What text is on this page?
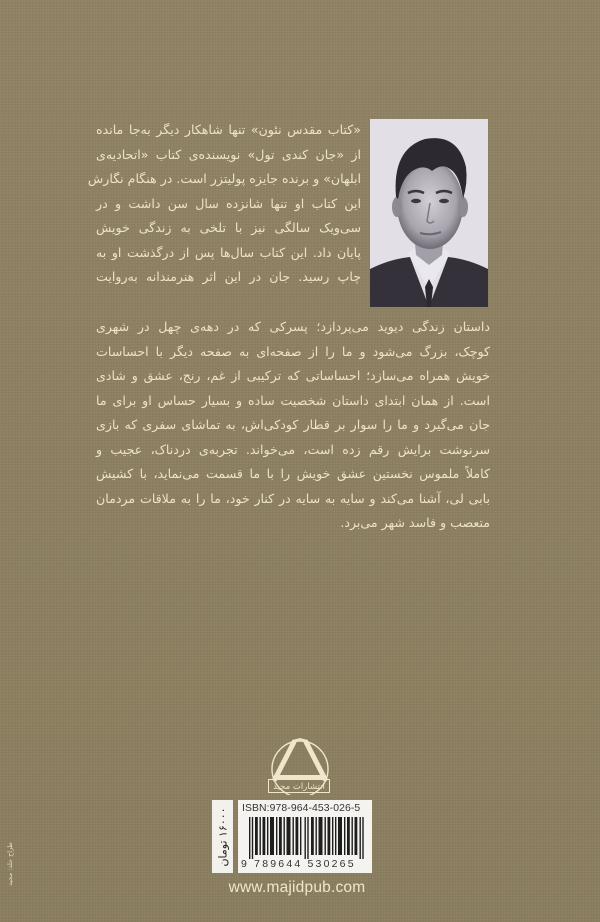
«کتاب مقدس نئون» تنها شاهکار دیگر به‌جا مانده
از «جان کندی تول» نویسنده‌ی کتاب «اتحادیه‌ی
ابلهان» و برنده جایزه پولیتزر است. در هنگام نگارش
این کتاب او تنها شانزده سال سن داشت و در
سی‌ویک سالگی نیز با تلخی به زندگی خویش
پایان داد. این کتاب سال‌ها پس از درگذشت او به
چاپ رسید. جان در این اثر هنرمندانه به‌روایت
داستان زندگی دیوید می‌پردازد؛ پسرکی که در دهه‌ی چهل در شهری
کوچک، بزرگ می‌شود و ما را از صفحه‌ای به صفحه دیگر با احساسات
خویش همراه می‌سازد؛ احساساتی که ترکیبی از غم، رنج، عشق و شادی
است. از همان ابتدای داستان شخصیت ساده و بسیار حساس او برای ما
جان می‌گیرد و ما را سوار بر قطار کودکی‌اش، به تماشای سفری که بازی
سرنوشت برایش رقم زده است، می‌خواند. تجربه‌ی دردناک، عجیب و
کاملاً ملموس نخستین عشق خویش را با ما قسمت می‌نماید، با کشیش
بابی لی، آشنا می‌کند و سایه به سایه در کنار خود، ما را به ملاقات مردمان
متعصب و فاسد شهر می‌برد.
انتشارات مجید
۱۶۰۰۰ تومان ISBN:978-964-453-026-5
9 789644 530265
www.majidpub.com
طراح جلد: مجید
